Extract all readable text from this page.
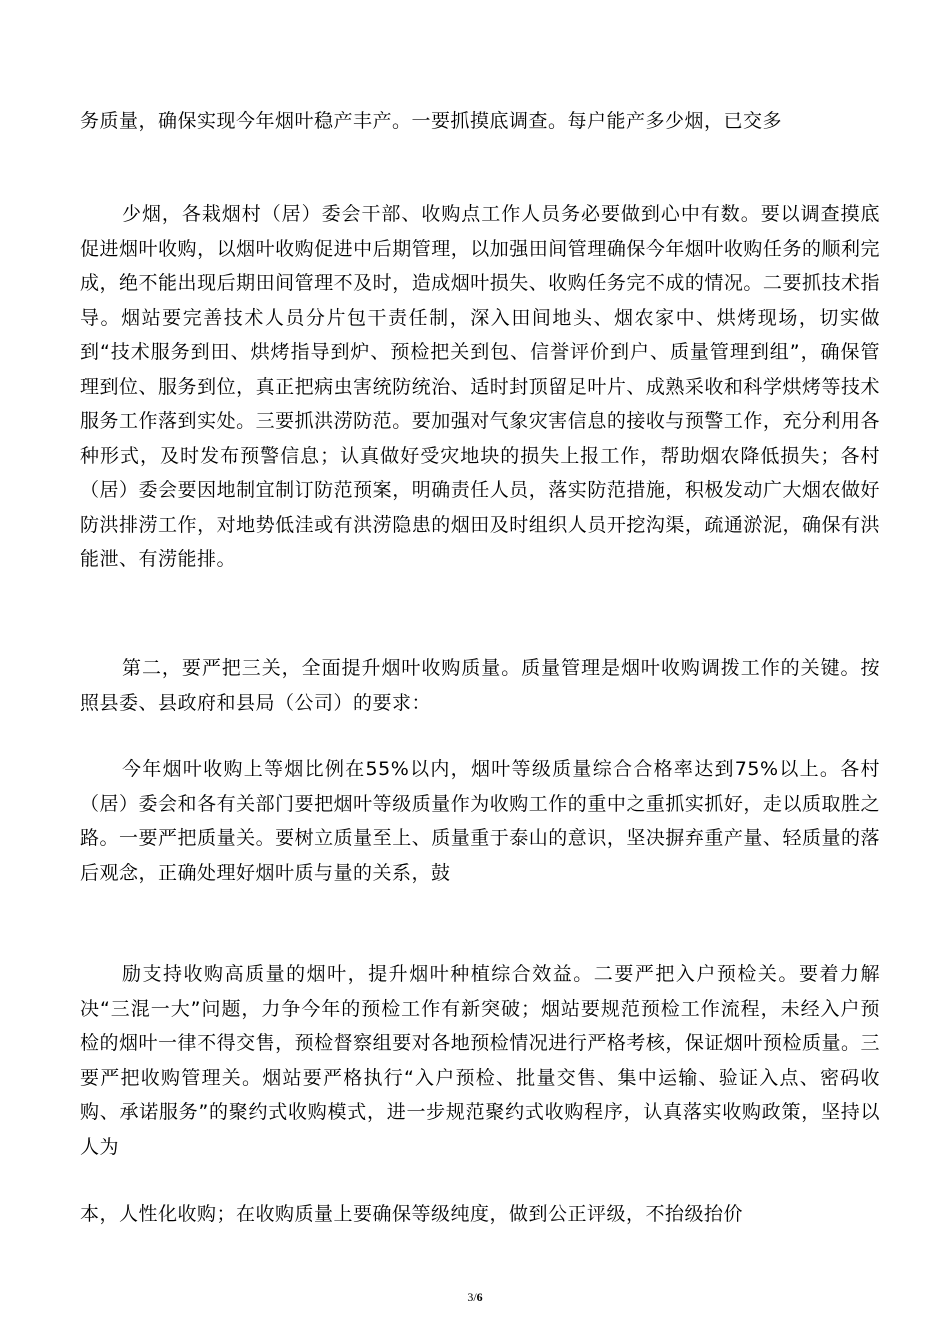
务质量，确保实现今年烟叶稳产丰产。一要抓摸底调查。每户能产多少烟，已交多

少烟，各栽烟村（居）委会干部、收购点工作人员务必要做到心中有数。要以调查摸底促进烟叶收购，以烟叶收购促进中后期管理，以加强田间管理确保今年烟叶收购任务的顺利完成，绝不能出现后期田间管理不及时，造成烟叶损失、收购任务完不成的情况。二要抓技术指导。烟站要完善技术人员分片包干责任制，深入田间地头、烟农家中、烘烤现场，切实做到“技术服务到田、烘烤指导到炉、预检把关到包、信誉评价到户、质量管理到组”，确保管理到位、服务到位，真正把病虫害统防统治、适时封顶留足叶片、成熟采收和科学烘烤等技术服务工作落到实处。三要抓洪涝防范。要加强对气象灾害信息的接收与预警工作，充分利用各种形式，及时发布预警信息；认真做好受灾地块的损失上报工作，帮助烟农降低损失；各村（居）委会要因地制宜制订防范预案，明确责任人员，落实防范措施，积极发动广大烟农做好防洪排涝工作，对地势低洼或有洪涝隐患的烟田及时组织人员开挖沟渠，疏通淤泥，确保有洪能泄、有涝能排。

第二，要严把三关，全面提升烟叶收购质量。质量管理是烟叶收购调拨工作的关键。按照县委、县政府和县局（公司）的要求：

今年烟叶收购上等烟比例在55%以内，烟叶等级质量综合合格率达到75%以上。各村（居）委会和各有关部门要把烟叶等级质量作为收购工作的重中之重抓实抓好，走以质取胜之路。一要严把质量关。要树立质量至上、质量重于泰山的意识，坚决摒弃重产量、轻质量的落后观念，正确处理好烟叶质与量的关系，鼓

励支持收购高质量的烟叶，提升烟叶种植综合效益。二要严把入户预检关。要着力解决“三混一大”问题，力争今年的预检工作有新突破；烟站要规范预检工作流程，未经入户预检的烟叶一律不得交售，预检督察组要对各地预检情况进行严格考核，保证烟叶预检质量。三要严把收购管理关。烟站要严格执行“入户预检、批量交售、集中运输、验证入点、密码收购、承诺服务”的聚约式收购模式，进一步规范聚约式收购程序，认真落实收购政策，坚持以人为

本，人性化收购；在收购质量上要确保等级纯度，做到公正评级，不抬级抬价

3/6
